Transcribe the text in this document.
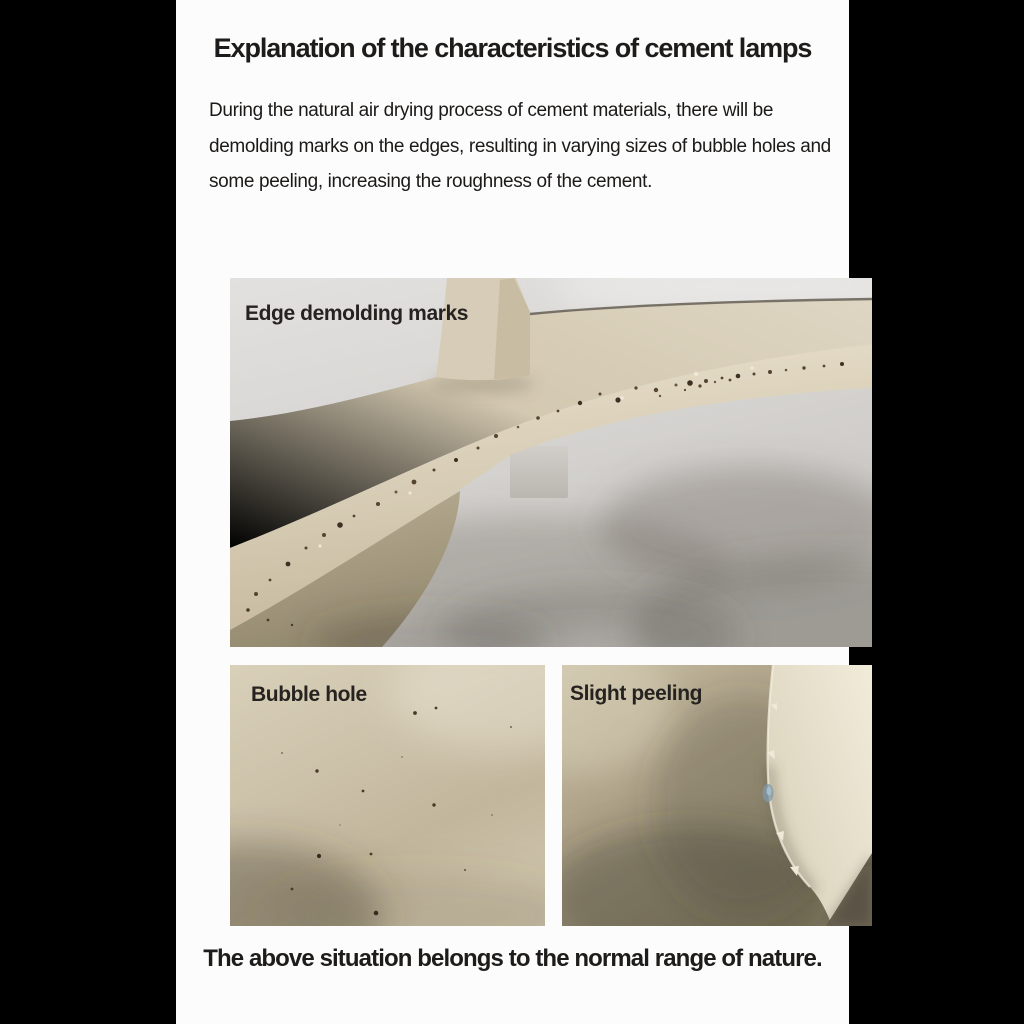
Explanation of the characteristics of cement lamps

During the natural air drying process of cement materials, there will be demolding marks on the edges, resulting in varying sizes of bubble holes and some peeling, increasing the roughness of the cement.

Edge demolding marks
Bubble hole	Slight peeling

The above situation belongs to the normal range of nature.
